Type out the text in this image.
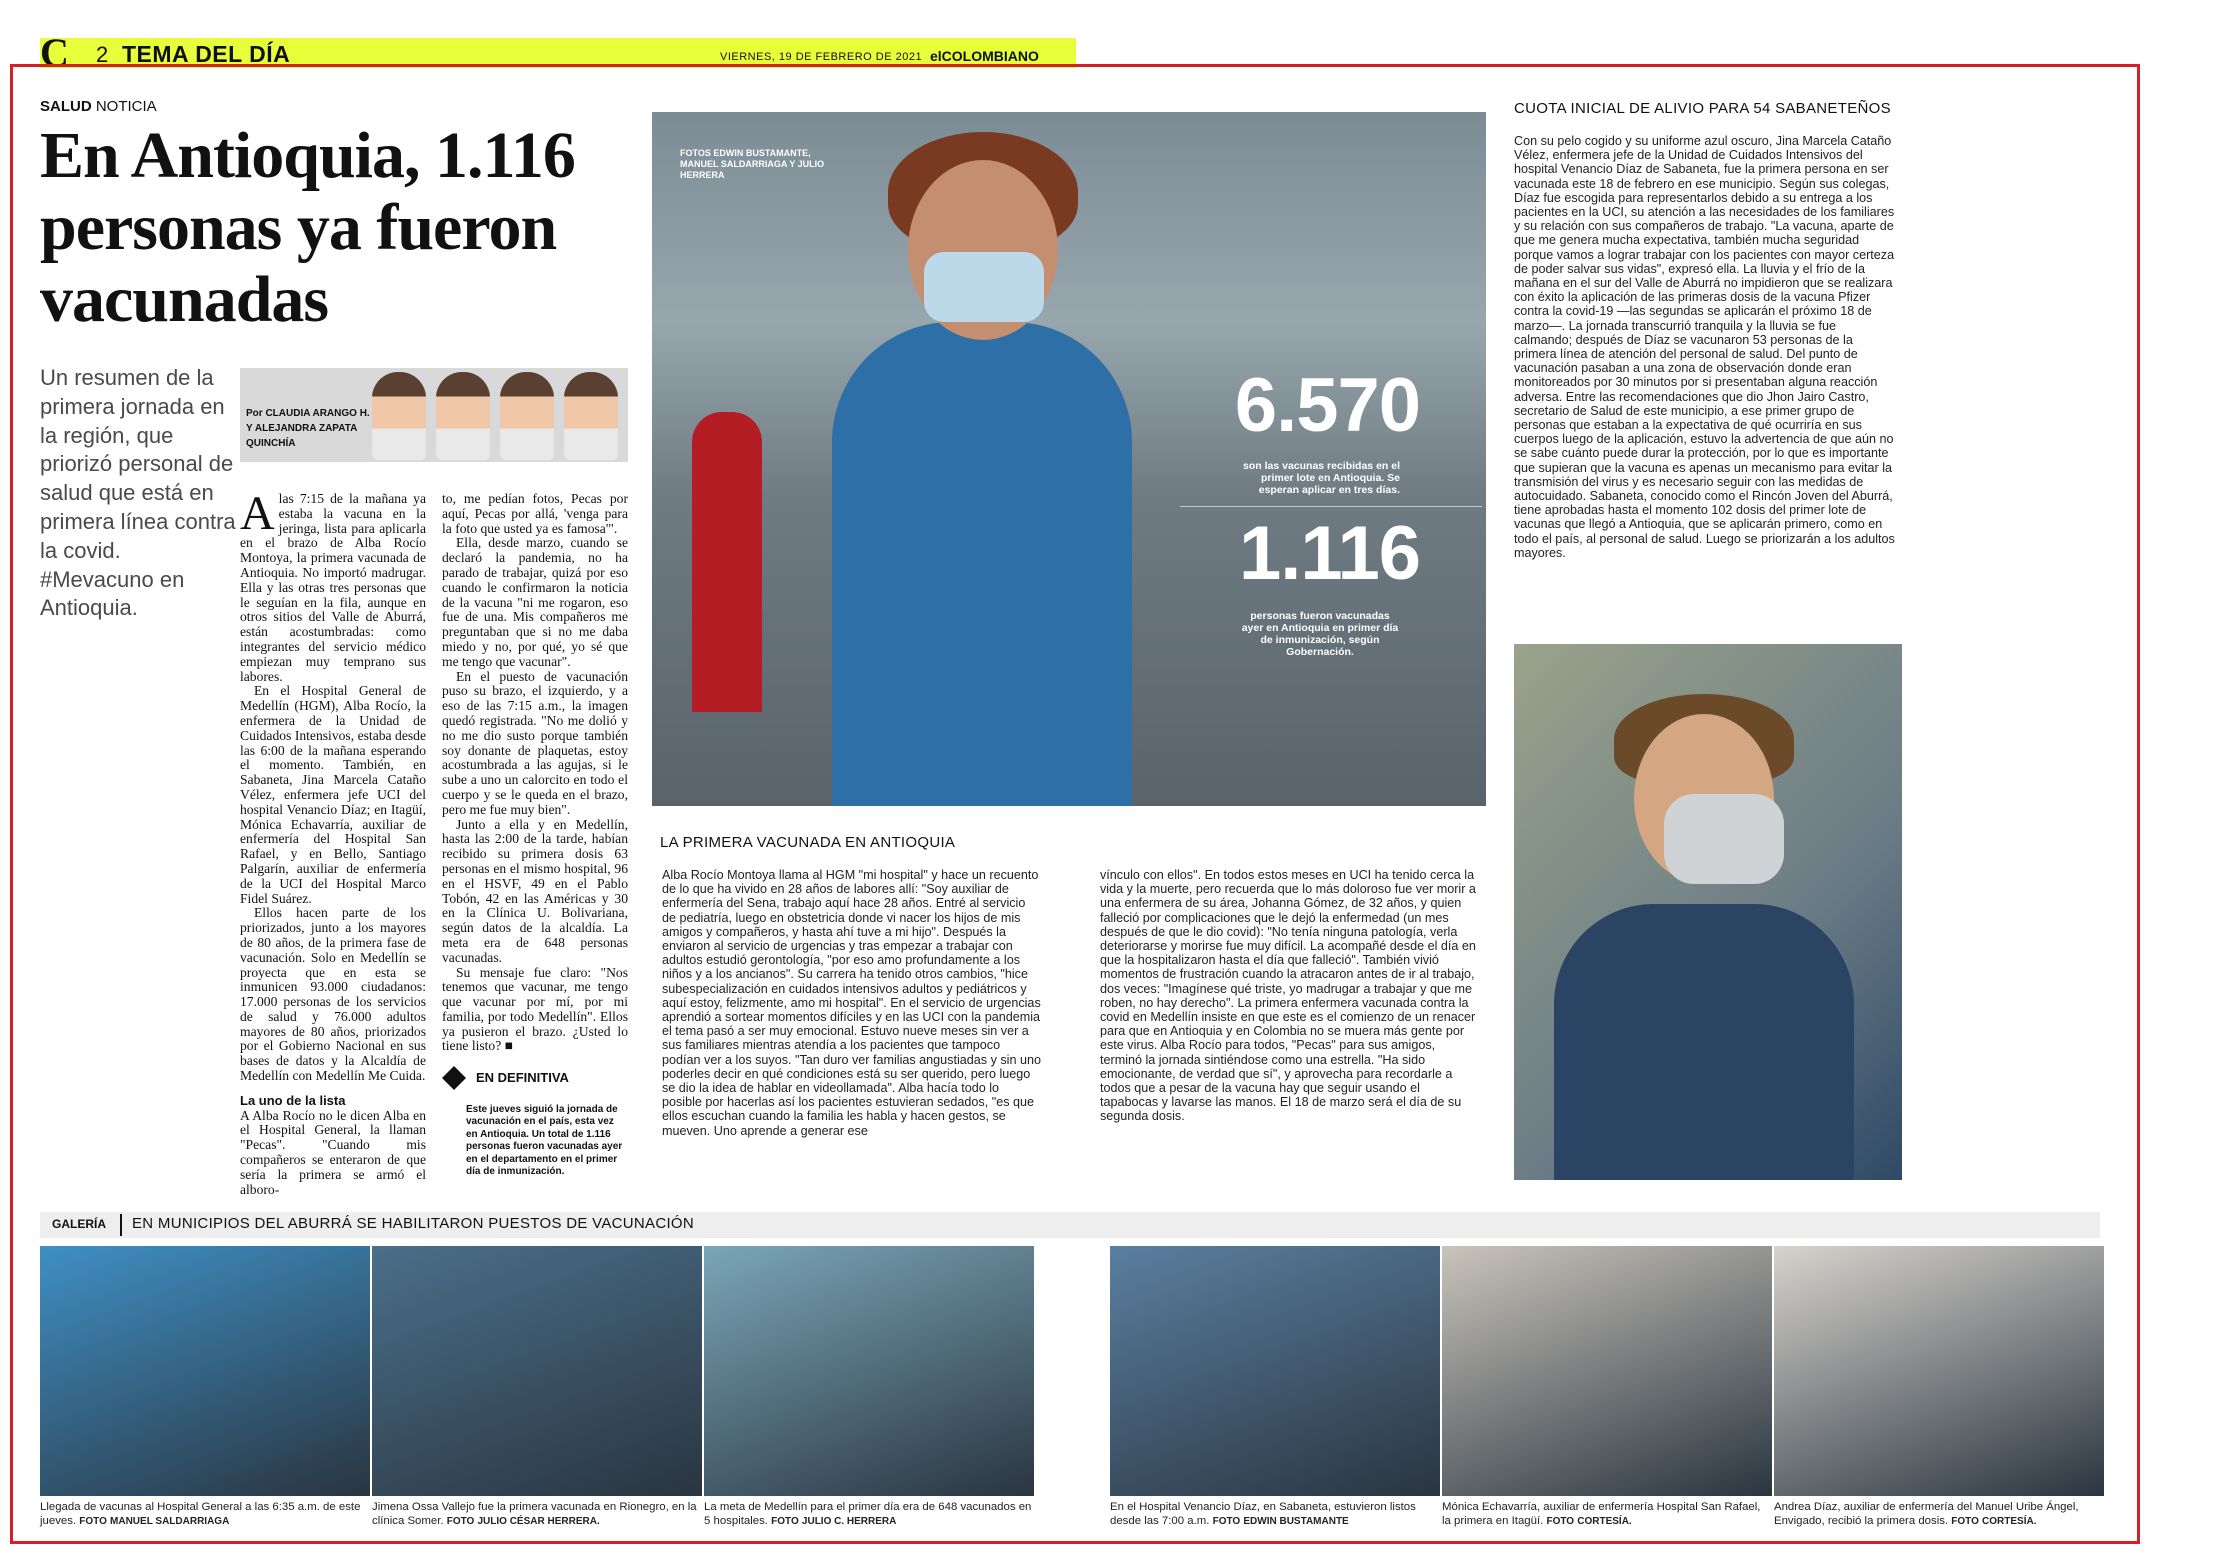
C 2 TEMA DEL DÍA	VIERNES, 19 DE FEBRERO DE 2021 elCOLOMBIANO
SALUD NOTICIA
En Antioquia, 1.116 personas ya fueron vacunadas
Un resumen de la primera jornada en la región, que priorizó personal de salud que está en primera línea contra la covid. #Mevacuno en Antioquia.
Por CLAUDIA ARANGO H. Y ALEJANDRA ZAPATA QUINCHÍA
Alas 7:15 de la mañana ya estaba la vacuna en la jeringa, lista para aplicarla en el brazo de Alba Rocío Montoya, la primera vacunada de Antioquia. No importó madrugar. Ella y las otras tres personas que le seguían en la fila, aunque en otros sitios del Valle de Aburrá, están acostumbradas: como integrantes del servicio médico empiezan muy temprano sus labores.
En el Hospital General de Medellín (HGM), Alba Rocío, la enfermera de la Unidad de Cuidados Intensivos, estaba desde las 6:00 de la mañana esperando el momento. También, en Sabaneta, Jina Marcela Cataño Vélez, enfermera jefe UCI del hospital Venancio Díaz; en Itagüí, Mónica Echavarría, auxiliar de enfermería del Hospital San Rafael, y en Bello, Santiago Palgarín, auxiliar de enfermería de la UCI del Hospital Marco Fidel Suárez.
Ellos hacen parte de los priorizados, junto a los mayores de 80 años, de la primera fase de vacunación. Solo en Medellín se proyecta que en esta se inmunicen 93.000 ciudadanos: 17.000 personas de los servicios de salud y 76.000 adultos mayores de 80 años, priorizados por el Gobierno Nacional en sus bases de datos y la Alcaldía de Medellín con Medellín Me Cuida.
La uno de la lista
A Alba Rocío no le dicen Alba en el Hospital General, la llaman "Pecas". "Cuando mis compañeros se enteraron de que sería la primera se armó el alboro-
to, me pedían fotos, Pecas por aquí, Pecas por allá, 'venga para la foto que usted ya es famosa'".
Ella, desde marzo, cuando se declaró la pandemia, no ha parado de trabajar, quizá por eso cuando le confirmaron la noticia de la vacuna "ni me rogaron, eso fue de una. Mis compañeros me preguntaban que si no me daba miedo y no, por qué, yo sé que me tengo que vacunar".
En el puesto de vacunación puso su brazo, el izquierdo, y a eso de las 7:15 a.m., la imagen quedó registrada. "No me dolió y no me dio susto porque también soy donante de plaquetas, estoy acostumbrada a las agujas, si le sube a uno un calorcito en todo el cuerpo y se le queda en el brazo, pero me fue muy bien".
Junto a ella y en Medellín, hasta las 2:00 de la tarde, habían recibido su primera dosis 63 personas en el mismo hospital, 96 en el HSVF, 49 en el Pablo Tobón, 42 en las Américas y 30 en la Clínica U. Bolivariana, según datos de la alcaldía. La meta era de 648 personas vacunadas.
Su mensaje fue claro: "Nos tenemos que vacunar, me tengo que vacunar por mí, por mi familia, por todo Medellín". Ellos ya pusieron el brazo. ¿Usted lo tiene listo? ■
EN DEFINITIVA
Este jueves siguió la jornada de vacunación en el país, esta vez en Antioquia. Un total de 1.116 personas fueron vacunadas ayer en el departamento en el primer día de inmunización.
FOTOS EDWIN BUSTAMANTE, MANUEL SALDARRIAGA Y JULIO HERRERA
6.570
son las vacunas recibidas en el primer lote en Antioquia. Se esperan aplicar en tres días.
1.116
personas fueron vacunadas ayer en Antioquia en primer día de inmunización, según Gobernación.
LA PRIMERA VACUNADA EN ANTIOQUIA
Alba Rocío Montoya llama al HGM "mi hospital" y hace un recuento de lo que ha vivido en 28 años de labores allí: "Soy auxiliar de enfermería del Sena, trabajo aquí hace 28 años. Entré al servicio de pediatría, luego en obstetricia donde vi nacer los hijos de mis amigos y compañeros, y hasta ahí tuve a mi hijo". Después la enviaron al servicio de urgencias y tras empezar a trabajar con adultos estudió gerontología, "por eso amo profundamente a los niños y a los ancianos". Su carrera ha tenido otros cambios, "hice subespecialización en cuidados intensivos adultos y pediátricos y aquí estoy, felizmente, amo mi hospital". En el servicio de urgencias aprendió a sortear momentos difíciles y en las UCI con la pandemia el tema pasó a ser muy emocional. Estuvo nueve meses sin ver a sus familiares mientras atendía a los pacientes que tampoco podían ver a los suyos. "Tan duro ver familias angustiadas y sin uno poderles decir en qué condiciones está su ser querido, pero luego se dio la idea de hablar en videollamada". Alba hacía todo lo posible por hacerlas así los pacientes estuvieran sedados, "es que ellos escuchan cuando la familia les habla y hacen gestos, se mueven. Uno aprende a generar ese
vínculo con ellos". En todos estos meses en UCI ha tenido cerca la vida y la muerte, pero recuerda que lo más doloroso fue ver morir a una enfermera de su área, Johanna Gómez, de 32 años, y quien falleció por complicaciones que le dejó la enfermedad (un mes después de que le dio covid): "No tenía ninguna patología, verla deteriorarse y morirse fue muy difícil. La acompañé desde el día en que la hospitalizaron hasta el día que falleció". También vivió momentos de frustración cuando la atracaron antes de ir al trabajo, dos veces: "Imagínese qué triste, yo madrugar a trabajar y que me roben, no hay derecho". La primera enfermera vacunada contra la covid en Medellín insiste en que este es el comienzo de un renacer para que en Antioquia y en Colombia no se muera más gente por este virus. Alba Rocío para todos, "Pecas" para sus amigos, terminó la jornada sintiéndose como una estrella. "Ha sido emocionante, de verdad que sí", y aprovecha para recordarle a todos que a pesar de la vacuna hay que seguir usando el tapabocas y lavarse las manos. El 18 de marzo será el día de su segunda dosis.
CUOTA INICIAL DE ALIVIO PARA 54 SABANETEÑOS
Con su pelo cogido y su uniforme azul oscuro, Jina Marcela Cataño Vélez, enfermera jefe de la Unidad de Cuidados Intensivos del hospital Venancio Díaz de Sabaneta, fue la primera persona en ser vacunada este 18 de febrero en ese municipio. Según sus colegas, Díaz fue escogida para representarlos debido a su entrega a los pacientes en la UCI, su atención a las necesidades de los familiares y su relación con sus compañeros de trabajo. "La vacuna, aparte de que me genera mucha expectativa, también mucha seguridad porque vamos a lograr trabajar con los pacientes con mayor certeza de poder salvar sus vidas", expresó ella. La lluvia y el frío de la mañana en el sur del Valle de Aburrá no impidieron que se realizara con éxito la aplicación de las primeras dosis de la vacuna Pfizer contra la covid-19 —las segundas se aplicarán el próximo 18 de marzo—. La jornada transcurrió tranquila y la lluvia se fue calmando; después de Díaz se vacunaron 53 personas de la primera línea de atención del personal de salud. Del punto de vacunación pasaban a una zona de observación donde eran monitoreados por 30 minutos por si presentaban alguna reacción adversa. Entre las recomendaciones que dio Jhon Jairo Castro, secretario de Salud de este municipio, a ese primer grupo de personas que estaban a la expectativa de qué ocurriría en sus cuerpos luego de la aplicación, estuvo la advertencia de que aún no se sabe cuánto puede durar la protección, por lo que es importante que supieran que la vacuna es apenas un mecanismo para evitar la transmisión del virus y es necesario seguir con las medidas de autocuidado. Sabaneta, conocido como el Rincón Joven del Aburrá, tiene aprobadas hasta el momento 102 dosis del primer lote de vacunas que llegó a Antioquia, que se aplicarán primero, como en todo el país, al personal de salud. Luego se priorizarán a los adultos mayores.
GALERÍA EN MUNICIPIOS DEL ABURRÁ SE HABILITARON PUESTOS DE VACUNACIÓN
Llegada de vacunas al Hospital General a las 6:35 a.m. de este jueves. FOTO MANUEL SALDARRIAGA
Jimena Ossa Vallejo fue la primera vacunada en Rionegro, en la clínica Somer. FOTO JULIO CÉSAR HERRERA.
La meta de Medellín para el primer día era de 648 vacunados en 5 hospitales. FOTO JULIO C. HERRERA
En el Hospital Venancio Díaz, en Sabaneta, estuvieron listos desde las 7:00 a.m. FOTO EDWIN BUSTAMANTE
Mónica Echavarría, auxiliar de enfermería Hospital San Rafael, la primera en Itagüí. FOTO CORTESÍA.
Andrea Díaz, auxiliar de enfermería del Manuel Uribe Ángel, Envigado, recibió la primera dosis. FOTO CORTESÍA.
